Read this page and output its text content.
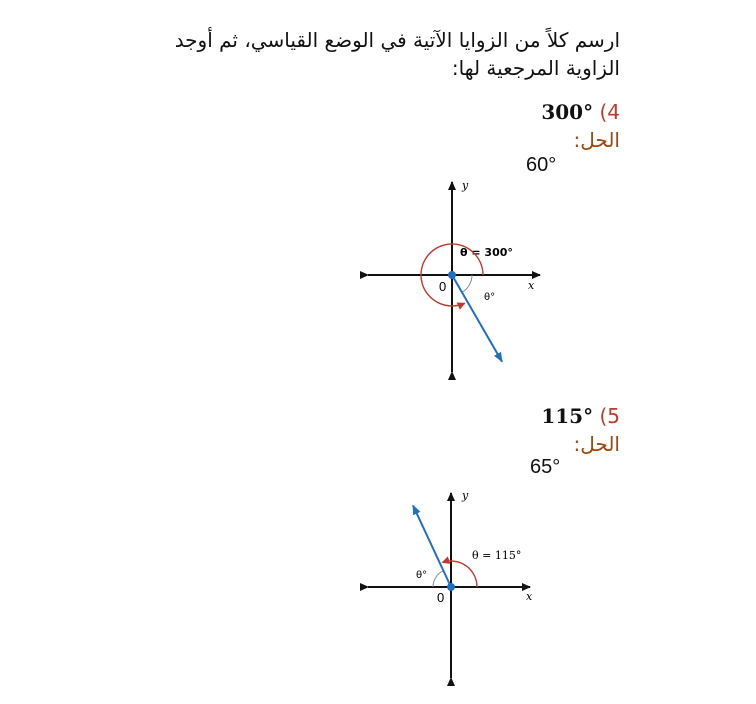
ارسم كلاً من الزوايا الآتية في الوضع القياسي، ثم أوجد الزاوية المرجعية لها:
4) 300°
الحل:
60°
5) 115°
الحل:
65°
x
y
0
θ = 300°
θ°
x
y
0
θ = 115°
θ°
